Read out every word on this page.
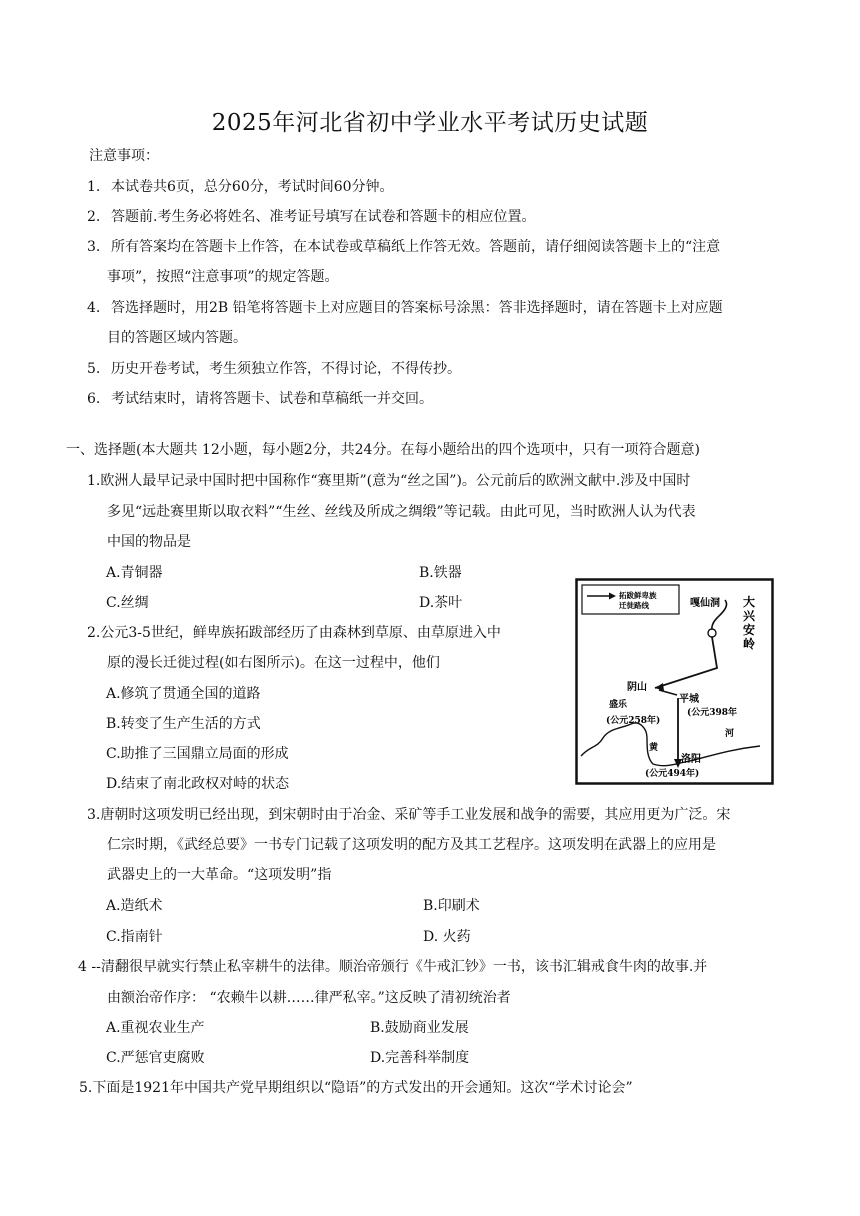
2025年河北省初中学业水平考试历史试题
注意事项：
1. 本试卷共6页，总分60分，考试时间60分钟。
2. 答题前.考生务必将姓名、准考证号填写在试卷和答题卡的相应位置。
3. 所有答案均在答题卡上作答，在本试卷或草稿纸上作答无效。答题前，请仔细阅读答题卡上的“注意
事项”，按照“注意事项”的规定答题。
4. 答选择题时，用2B 铅笔将答题卡上对应题目的答案标号涂黑：答非选择题时，请在答题卡上对应题
目的答题区域内答题。
5. 历史开卷考试，考生须独立作答，不得讨论，不得传抄。
6. 考试结束时，请将答题卡、试卷和草稿纸一并交回。
一、选择题(本大题共 12小题，每小题2分，共24分。在每小题给出的四个选项中，只有一项符合题意)
1.欧洲人最早记录中国时把中国称作“赛里斯”(意为“丝之国”)。公元前后的欧洲文献中.涉及中国时
多见“远赴赛里斯以取衣料”“生丝、丝线及所成之绸缎”等记载。由此可见，当时欧洲人认为代表
中国的物品是
A.青铜器	B.铁器
C.丝绸	D.茶叶
2.公元3-5世纪，鲜卑族拓跋部经历了由森林到草原、由草原进入中
原的漫长迁徙过程(如右图所示)。在这一过程中，他们
A.修筑了贯通全国的道路
B.转变了生产生活的方式
C.助推了三国鼎立局面的形成
D.结束了南北政权对峙的状态
拓跋鲜卑族
迁徙路线	嘎仙洞 大
兴
安
岭
阴山
平城
(公元398年
盛乐
(公元258年)
黄
河
洛阳
(公元494年)
3.唐朝时这项发明已经出现，到宋朝时由于冶金、采矿等手工业发展和战争的需要，其应用更为广泛。宋
仁宗时期，《武经总要》一书专门记载了这项发明的配方及其工艺程序。这项发明在武器上的应用是
武器史上的一大革命。“这项发明”指
A.造纸术	B.印刷术
C.指南针	D. 火药
4 --清翻很早就实行禁止私宰耕牛的法律。顺治帝颁行《牛戒汇钞》一书，该书汇辑戒食牛肉的故事.并
由额治帝作序： “农赖牛以耕……律严私宰。”这反映了清初统治者
A.重视农业生产	B.鼓励商业发展
C.严惩官吏腐败	D.完善科举制度
5.下面是1921年中国共产党早期组织以“隐语”的方式发出的开会通知。这次“学术讨论会”
